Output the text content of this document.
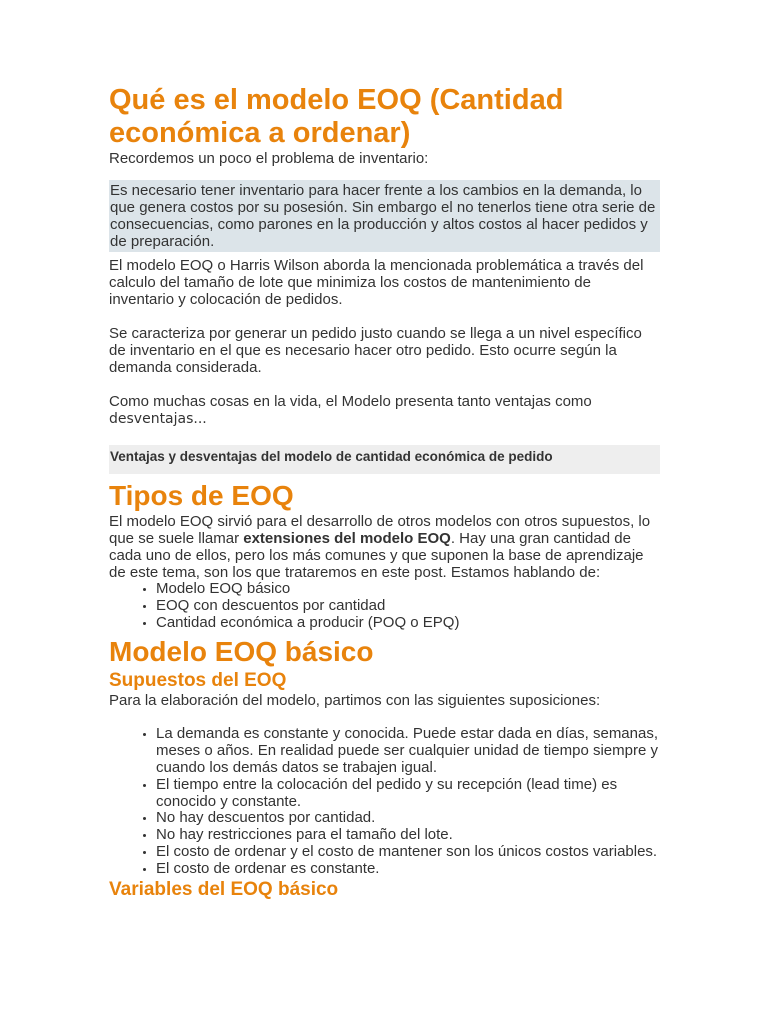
Qué es el modelo EOQ (Cantidad económica a ordenar)

Recordemos un poco el problema de inventario:

Es necesario tener inventario para hacer frente a los cambios en la demanda, lo que genera costos por su posesión. Sin embargo el no tenerlos tiene otra serie de consecuencias, como parones en la producción y altos costos al hacer pedidos y de preparación.

El modelo EOQ o Harris Wilson aborda la mencionada problemática a través del calculo del tamaño de lote que minimiza los costos de mantenimiento de inventario y colocación de pedidos.

Se caracteriza por generar un pedido justo cuando se llega a un nivel específico de inventario en el que es necesario hacer otro pedido. Esto ocurre según la demanda considerada.

Como muchas cosas en la vida, el Modelo presenta tanto ventajas como
desventajas...

Ventajas y desventajas del modelo de cantidad económica de pedido
Tipos de EOQ

El modelo EOQ sirvió para el desarrollo de otros modelos con otros supuestos, lo que se suele llamar extensiones del modelo EOQ. Hay una gran cantidad de cada uno de ellos, pero los más comunes y que suponen la base de aprendizaje de este tema, son los que trataremos en este post. Estamos hablando de:

• Modelo EOQ básico
• EOQ con descuentos por cantidad
• Cantidad económica a producir (POQ o EPQ)
Modelo EOQ básico
Supuestos del EOQ

Para la elaboración del modelo, partimos con las siguientes suposiciones:

• La demanda es constante y conocida. Puede estar dada en días, semanas, meses o años. En realidad puede ser cualquier unidad de tiempo siempre y cuando los demás datos se trabajen igual.
• El tiempo entre la colocación del pedido y su recepción (lead time) es conocido y constante.
• No hay descuentos por cantidad.
• No hay restricciones para el tamaño del lote.
• El costo de ordenar y el costo de mantener son los únicos costos variables.
• El costo de ordenar es constante.
Variables del EOQ básico
